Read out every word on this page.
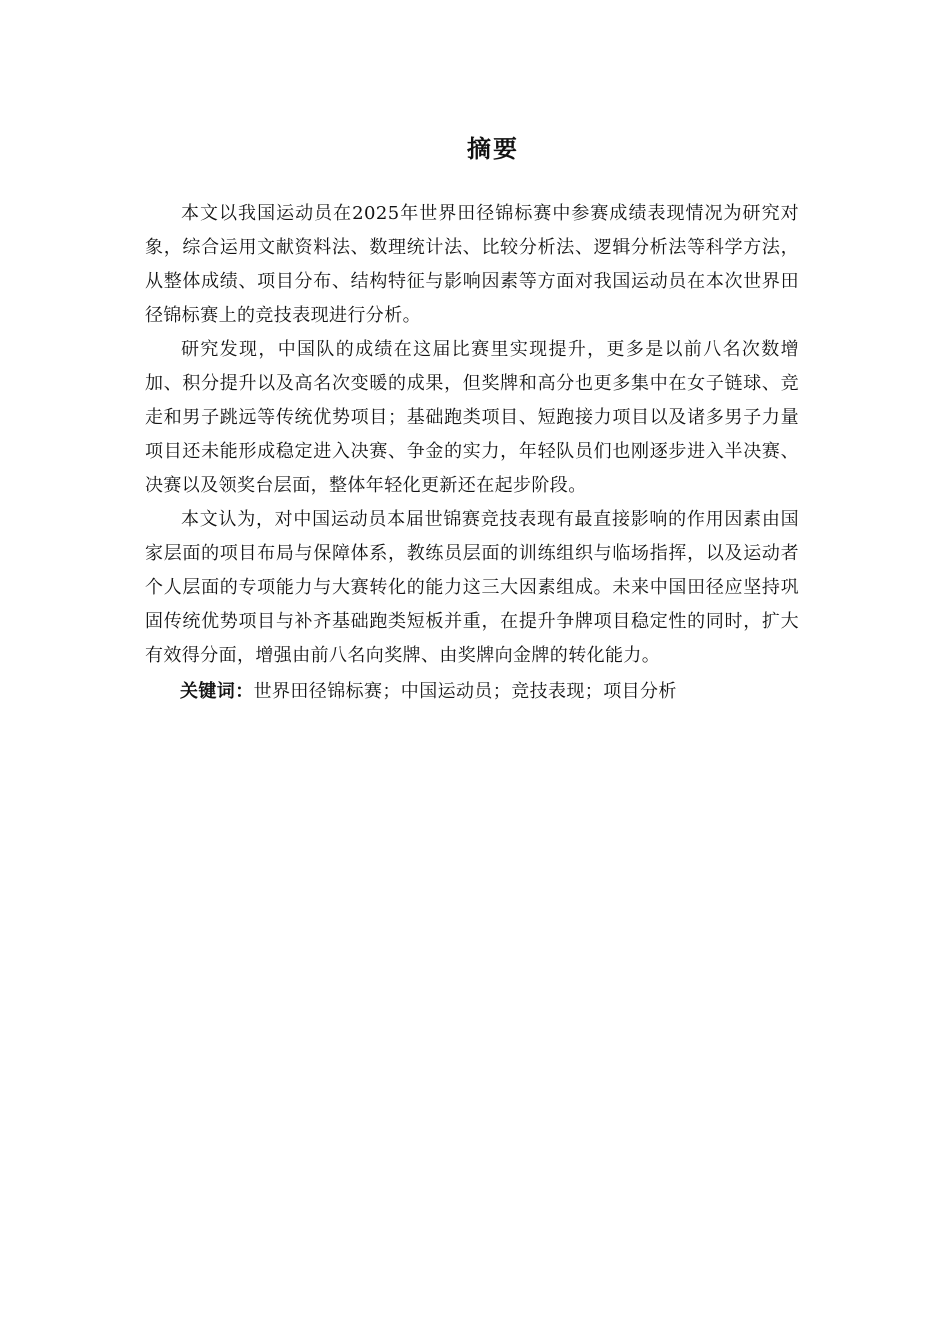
摘要

本文以我国运动员在2025年世界田径锦标赛中参赛成绩表现情况为研究对象，综合运用文献资料法、数理统计法、比较分析法、逻辑分析法等科学方法，从整体成绩、项目分布、结构特征与影响因素等方面对我国运动员在本次世界田径锦标赛上的竞技表现进行分析。

研究发现，中国队的成绩在这届比赛里实现提升，更多是以前八名次数增加、积分提升以及高名次变暖的成果，但奖牌和高分也更多集中在女子链球、竞走和男子跳远等传统优势项目；基础跑类项目、短跑接力项目以及诸多男子力量项目还未能形成稳定进入决赛、争金的实力，年轻队员们也刚逐步进入半决赛、决赛以及领奖台层面，整体年轻化更新还在起步阶段。

本文认为，对中国运动员本届世锦赛竞技表现有最直接影响的作用因素由国家层面的项目布局与保障体系，教练员层面的训练组织与临场指挥，以及运动者个人层面的专项能力与大赛转化的能力这三大因素组成。未来中国田径应坚持巩固传统优势项目与补齐基础跑类短板并重，在提升争牌项目稳定性的同时，扩大有效得分面，增强由前八名向奖牌、由奖牌向金牌的转化能力。

关键词：世界田径锦标赛；中国运动员；竞技表现；项目分析
